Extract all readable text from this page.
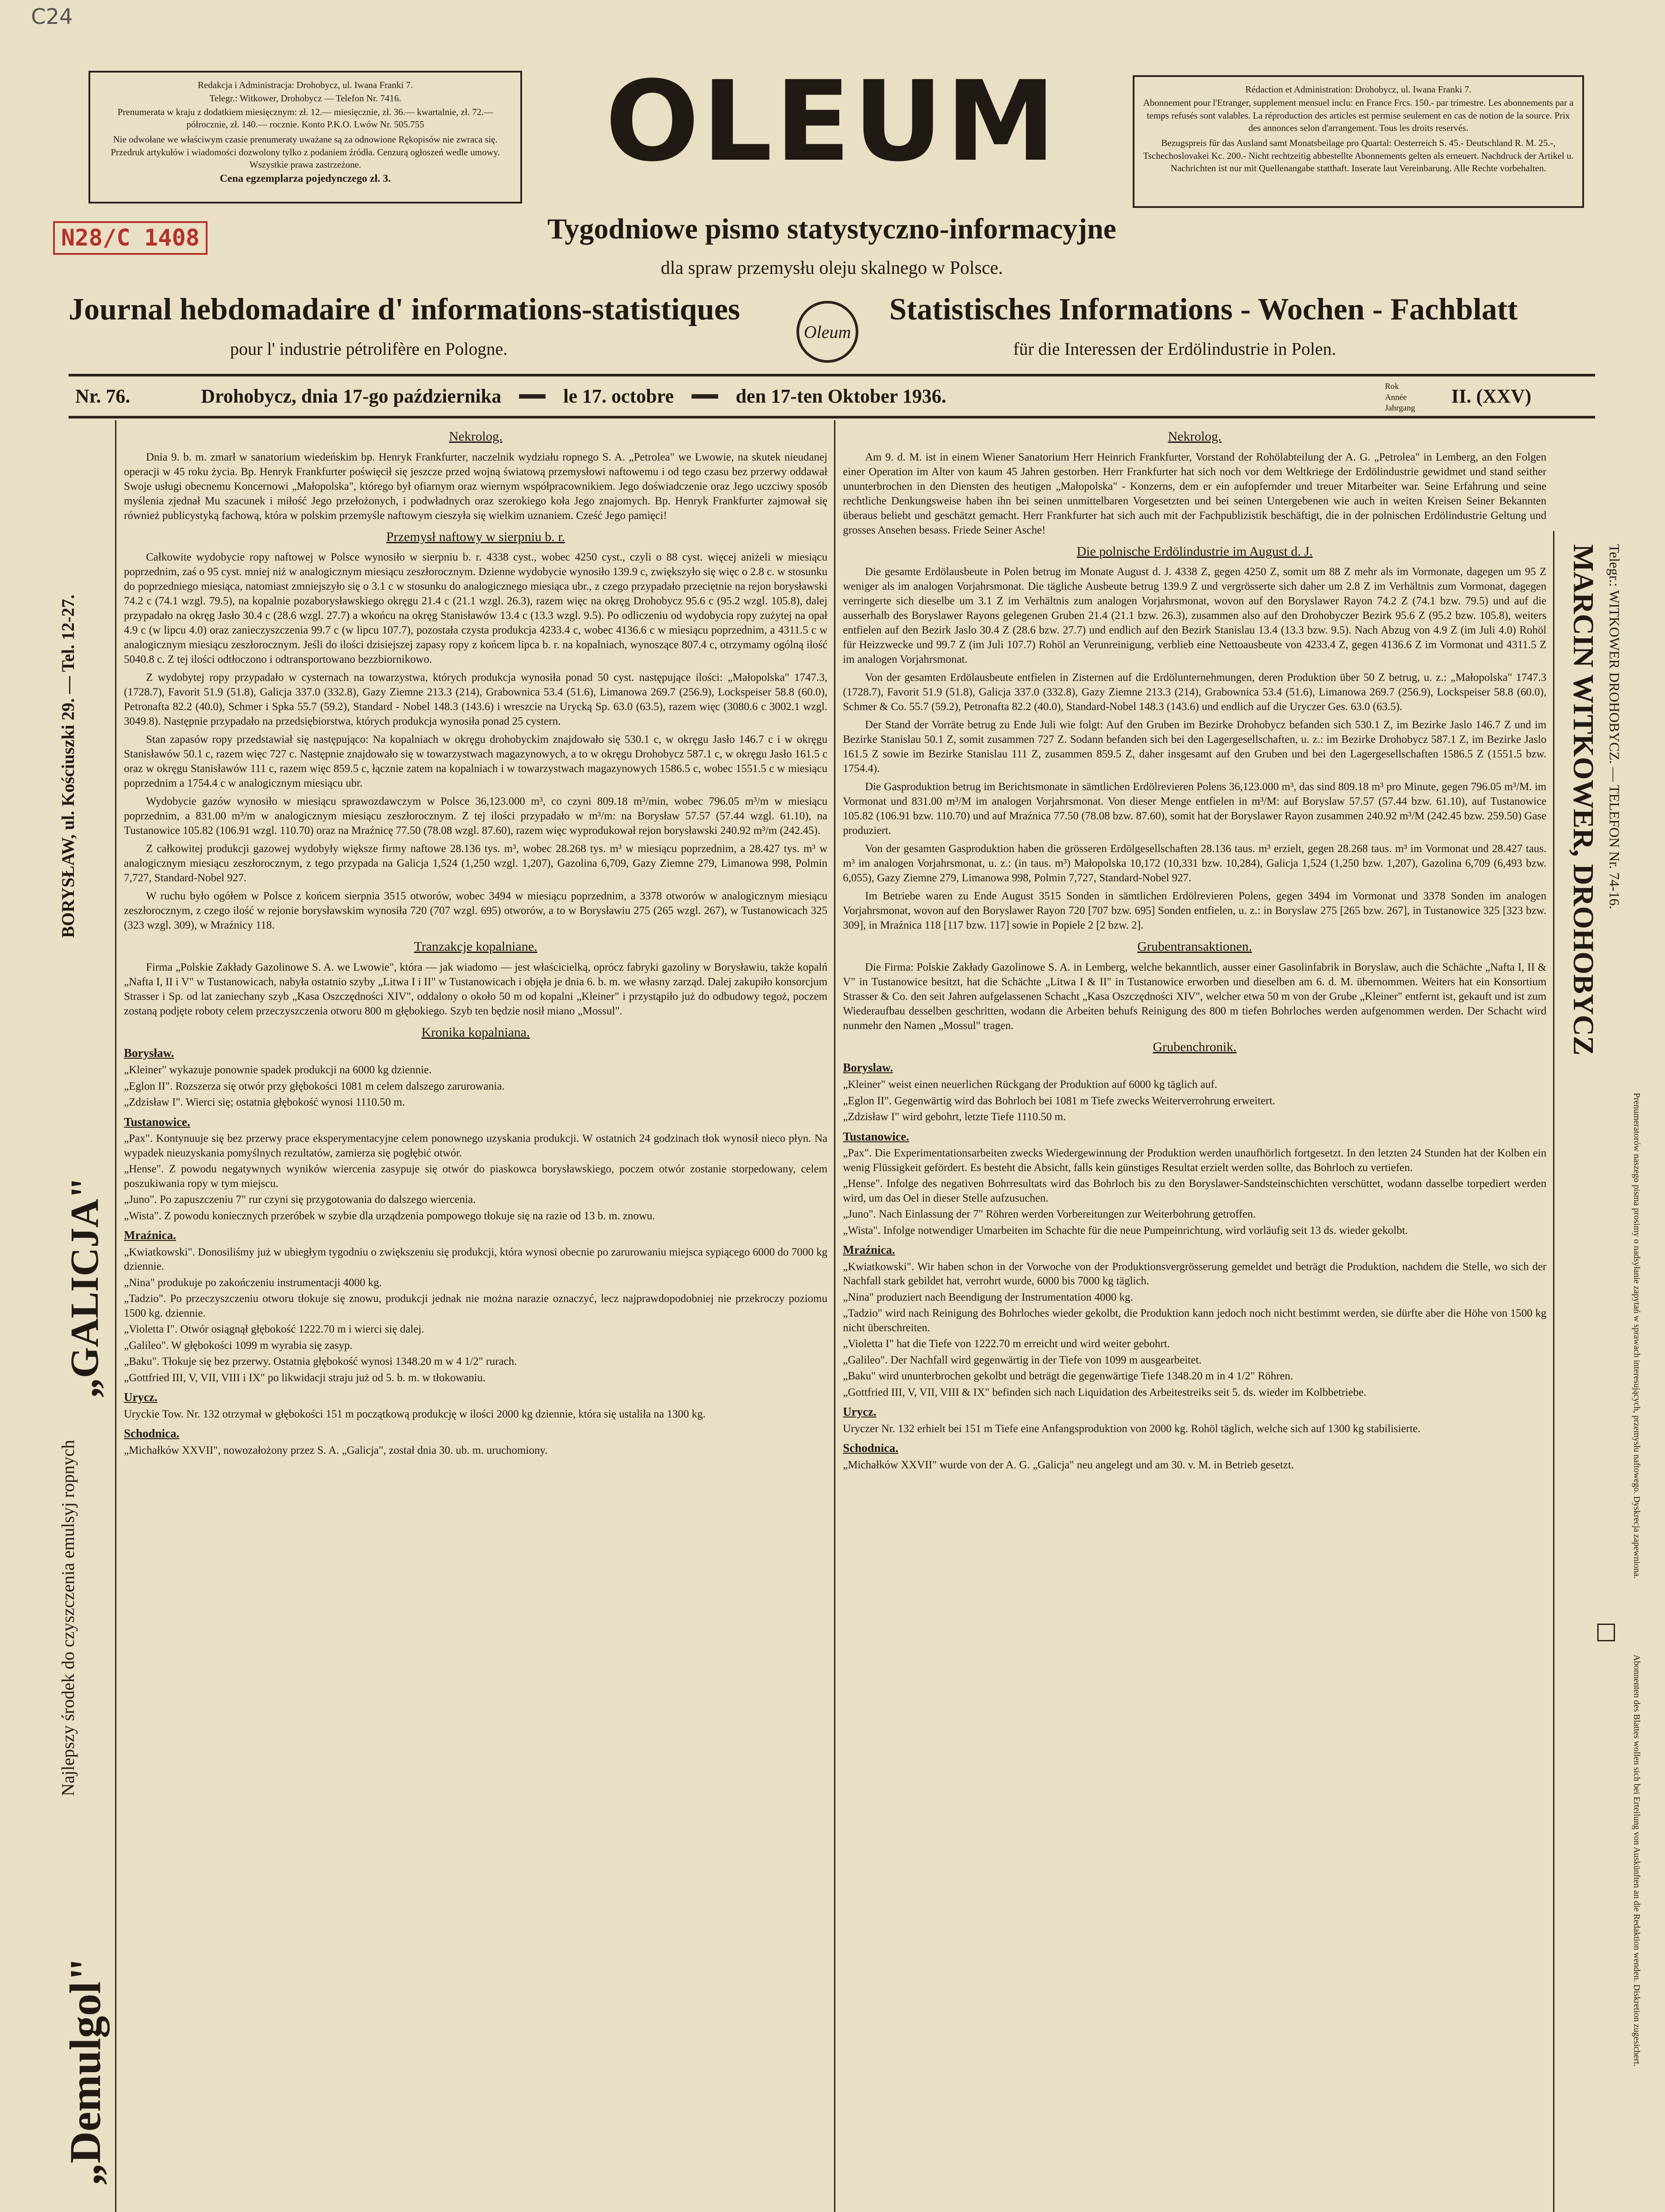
C24
N28/C 1408

Redakcja i Administracja: Drohobycz, ul. Iwana Franki 7.

Telegr.: Witkower, Drohobycz — Telefon Nr. 7416.

Prenumerata w kraju z dodatkiem miesięcznym: zł. 12.— miesięcznie, zł. 36.— kwartalnie, zł. 72.— półrocznie, zł. 140.— rocznie. Konto P.K.O. Lwów Nr. 505.755

Nie odwołane we właściwym czasie prenumeraty uważane są za odnowione Rękopisów nie zwraca się. Przedruk artykułów i wiadomości dozwolony tylko z podaniem źródła. Cenzurą ogłoszeń wedle umowy. Wszystkie prawa zastrzeżone.

Cena egzemplarza pojedynczego zł. 3.	OLEUM	Rédaction et Administration: Drohobycz, ul. Iwana Franki 7.

Abonnement pour l'Etranger, supplement mensuel inclu: en France Frcs. 150.- par trimestre. Les abonnements par a temps refusés sont valables. La réproduction des articles est permise seulement en cas de notion de la source. Prix des annonces selon d'arrangement. Tous les droits reservés.

Bezugspreis für das Ausland samt Monatsbeilage pro Quartal: Oesterreich S. 45.- Deutschland R. M. 25.-, Tschechoslovakei Kc. 200.- Nicht rechtzeitig abbestellte Abonnements gelten als erneuert. Nachdruck der Artikel u. Nachrichten ist nur mit Quellenangabe statthaft. Inserate laut Vereinbarung. Alle Rechte vorbehalten.

Tygodniowe pismo statystyczno-informacyjne
dla spraw przemysłu oleju skalnego w Polsce.
Journal hebdomadaire d' informations-statistiques
pour l' industrie pétrolifère en Pologne.
Oleum
Statistisches Informations - Wochen - Fachblatt
für die Interessen der Erdölindustrie in Polen.
Nr. 76.	Drohobycz, dnia 17-go października	le 17. octobre	den 17-ten Oktober 1936.	Rok
Année
Jahrgang
II. (XXV)
BORYSŁAW, ul. Kościuszki 29. — Tel. 12-27.
„GALICJA"
Najlepszy środek do czyszczenia emulsyj ropnych
„Demulgol"
Nekrolog.

Dnia 9. b. m. zmarł w sanatorium wiedeńskim bp. Henryk Frankfurter, naczelnik wydziału ropnego S. A. „Petrolea" we Lwowie, na skutek nieudanej operacji w 45 roku życia. Bp. Henryk Frankfurter poświęcił się jeszcze przed wojną światową przemysłowi naftowemu i od tego czasu bez przerwy oddawał Swoje usługi obecnemu Koncernowi „Małopolska", którego był ofiarnym oraz wiernym współpracownikiem. Jego doświadczenie oraz Jego uczciwy sposób myślenia zjednał Mu szacunek i miłość Jego przełożonych, i podwładnych oraz szerokiego koła Jego znajomych. Bp. Henryk Frankfurter zajmował się również publicystyką fachową, która w polskim przemyśle naftowym cieszyła się wielkim uznaniem. Cześć Jego pamięci!

Przemysł naftowy w sierpniu b. r.

Całkowite wydobycie ropy naftowej w Polsce wynosiło w sierpniu b. r. 4338 cyst., wobec 4250 cyst., czyli o 88 cyst. więcej aniżeli w miesiącu poprzednim, zaś o 95 cyst. mniej niż w analogicznym miesiącu zeszłorocznym. Dzienne wydobycie wynosiło 139.9 c, zwiększyło się więc o 2.8 c. w stosunku do poprzedniego miesiąca, natomiast zmniejszyło się o 3.1 c w stosunku do analogicznego miesiąca ubr., z czego przypadało przeciętnie na rejon borysławski 74.2 c (74.1 wzgl. 79.5), na kopalnie pozaborysławskiego okręgu 21.4 c (21.1 wzgl. 26.3), razem więc na okręg Drohobycz 95.6 c (95.2 wzgl. 105.8), dalej przypadało na okręg Jasło 30.4 c (28.6 wzgl. 27.7) a wkońcu na okręg Stanisławów 13.4 c (13.3 wzgl. 9.5). Po odliczeniu od wydobycia ropy zużytej na opał 4.9 c (w lipcu 4.0) oraz zanieczyszczenia 99.7 c (w lipcu 107.7), pozostała czysta produkcja 4233.4 c, wobec 4136.6 c w miesiącu poprzednim, a 4311.5 c w analogicznym miesiącu zeszłorocznym. Jeśli do ilości dzisiejszej zapasy ropy z końcem lipca b. r. na kopalniach, wynoszące 807.4 c, otrzymamy ogólną ilość 5040.8 c. Z tej ilości odtłoczono i odtransportowano bezzbiornikowo.

Z wydobytej ropy przypadało w cysternach na towarzystwa, których produkcja wynosiła ponad 50 cyst. następujące ilości: „Małopolska" 1747.3, (1728.7), Favorit 51.9 (51.8), Galicja 337.0 (332.8), Gazy Ziemne 213.3 (214), Grabownica 53.4 (51.6), Limanowa 269.7 (256.9), Lockspeiser 58.8 (60.0), Petronafta 82.2 (40.0), Schmer i Spka 55.7 (59.2), Standard - Nobel 148.3 (143.6) i wreszcie na Urycką Sp. 63.0 (63.5), razem więc (3080.6 c 3002.1 wzgl. 3049.8). Następnie przypadało na przedsiębiorstwa, których produkcja wynosiła ponad 25 cystern.

Stan zapasów ropy przedstawiał się następująco: Na kopalniach w okręgu drohobyckim znajdowało się 530.1 c, w okręgu Jasło 146.7 c i w okręgu Stanisławów 50.1 c, razem więc 727 c. Następnie znajdowało się w towarzystwach magazynowych, a to w okręgu Drohobycz 587.1 c, w okręgu Jasło 161.5 c oraz w okręgu Stanisławów 111 c, razem więc 859.5 c, łącznie zatem na kopalniach i w towarzystwach magazynowych 1586.5 c, wobec 1551.5 c w miesiącu poprzednim a 1754.4 c w analogicznym miesiącu ubr.

Wydobycie gazów wynosiło w miesiącu sprawozdawczym w Polsce 36,123.000 m³, co czyni 809.18 m³/min, wobec 796.05 m³/m w miesiącu poprzednim, a 831.00 m³/m w analogicznym miesiącu zeszłorocznym. Z tej ilości przypadało w m³/m: na Borysław 57.57 (57.44 wzgl. 61.10), na Tustanowice 105.82 (106.91 wzgl. 110.70) oraz na Mraźnicę 77.50 (78.08 wzgl. 87.60), razem więc wyprodukował rejon borysławski 240.92 m³/m (242.45).

Z całkowitej produkcji gazowej wydobyły większe firmy naftowe 28.136 tys. m³, wobec 28.268 tys. m³ w miesiącu poprzednim, a 28.427 tys. m³ w analogicznym miesiącu zeszłorocznym, z tego przypada na Galicja 1,524 (1,250 wzgl. 1,207), Gazolina 6,709, Gazy Ziemne 279, Limanowa 998, Polmin 7,727, Standard-Nobel 927.

W ruchu było ogółem w Polsce z końcem sierpnia 3515 otworów, wobec 3494 w miesiącu poprzednim, a 3378 otworów w analogicznym miesiącu zeszłorocznym, z czego ilość w rejonie borysławskim wynosiła 720 (707 wzgl. 695) otworów, a to w Borysławiu 275 (265 wzgl. 267), w Tustanowicach 325 (323 wzgl. 309), w Mraźnicy 118.

Tranzakcje kopalniane.

Firma „Polskie Zakłady Gazolinowe S. A. we Lwowie", która — jak wiadomo — jest właścicielką, oprócz fabryki gazoliny w Borysławiu, także kopalń „Nafta I, II i V" w Tustanowicach, nabyła ostatnio szyby „Litwa I i II" w Tustanowicach i objęła je dnia 6. b. m. we własny zarząd. Dalej zakupiło konsorcjum Strasser i Sp. od lat zaniechany szyb „Kasa Oszczędności XIV", oddalony o około 50 m od kopalni „Kleiner" i przystąpiło już do odbudowy tegoż, poczem zostaną podjęte roboty celem przeczyszczenia otworu 800 m głębokiego. Szyb ten będzie nosił miano „Mossul".

Kronika kopalniana.
Borysław.
„Kleiner" wykazuje ponownie spadek produkcji na 6000 kg dziennie.
„Eglon II". Rozszerza się otwór przy głębokości 1081 m celem dalszego zarurowania.
„Zdzisław I". Wierci się; ostatnia głębokość wynosi 1110.50 m.
Tustanowice.
„Pax". Kontynuuje się bez przerwy prace eksperymentacyjne celem ponownego uzyskania produkcji. W ostatnich 24 godzinach tłok wynosił nieco płyn. Na wypadek nieuzyskania pomyślnych rezultatów, zamierza się pogłębić otwór.
„Hense". Z powodu negatywnych wyników wiercenia zasypuje się otwór do piaskowca borysławskiego, poczem otwór zostanie storpedowany, celem poszukiwania ropy w tym miejscu.
„Juno". Po zapuszczeniu 7" rur czyni się przygotowania do dalszego wiercenia.
„Wista". Z powodu koniecznych przeróbek w szybie dla urządzenia pompowego tłokuje się na razie od 13 b. m. znowu.
Mraźnica.
„Kwiatkowski". Donosiliśmy już w ubiegłym tygodniu o zwiększeniu się produkcji, która wynosi obecnie po zarurowaniu miejsca sypiącego 6000 do 7000 kg dziennie.
„Nina" produkuje po zakończeniu instrumentacji 4000 kg.
„Tadzio". Po przeczyszczeniu otworu tłokuje się znowu, produkcji jednak nie można narazie oznaczyć, lecz najprawdopodobniej nie przekroczy poziomu 1500 kg. dziennie.
„Violetta I". Otwór osiągnął głębokość 1222.70 m i wierci się dalej.
„Galileo". W głębokości 1099 m wyrabia się zasyp.
„Baku". Tłokuje się bez przerwy. Ostatnia głębokość wynosi 1348.20 m w 4 1/2" rurach.
„Gottfried III, V, VII, VIII i IX" po likwidacji straju już od 5. b. m. w tłokowaniu.
Urycz.
Uryckie Tow. Nr. 132 otrzymał w głębokości 151 m początkową produkcję w ilości 2000 kg dziennie, która się ustaliła na 1300 kg.
Schodnica.
„Michałków XXVII", nowozałożony przez S. A. „Galicja", został dnia 30. ub. m. uruchomiony.
Nekrolog.

Am 9. d. M. ist in einem Wiener Sanatorium Herr Heinrich Frankfurter, Vorstand der Rohölabteilung der A. G. „Petrolea" in Lemberg, an den Folgen einer Operation im Alter von kaum 45 Jahren gestorben. Herr Frankfurter hat sich noch vor dem Weltkriege der Erdölindustrie gewidmet und stand seither ununterbrochen in den Diensten des heutigen „Małopolska" - Konzerns, dem er ein aufopfernder und treuer Mitarbeiter war. Seine Erfahrung und seine rechtliche Denkungsweise haben ihn bei seinen unmittelbaren Vorgesetzten und bei seinen Untergebenen wie auch in weiten Kreisen Seiner Bekannten überaus beliebt und geschätzt gemacht. Herr Frankfurter hat sich auch mit der Fachpublizistik beschäftigt, die in der polnischen Erdölindustrie Geltung und grosses Ansehen besass. Friede Seiner Asche!

Die polnische Erdölindustrie im August d. J.

Die gesamte Erdölausbeute in Polen betrug im Monate August d. J. 4338 Z, gegen 4250 Z, somit um 88 Z mehr als im Vormonate, dagegen um 95 Z weniger als im analogen Vorjahrsmonat. Die tägliche Ausbeute betrug 139.9 Z und vergrösserte sich daher um 2.8 Z im Verhältnis zum Vormonat, dagegen verringerte sich dieselbe um 3.1 Z im Verhältnis zum analogen Vorjahrsmonat, wovon auf den Boryslawer Rayon 74.2 Z (74.1 bzw. 79.5) und auf die ausserhalb des Boryslawer Rayons gelegenen Gruben 21.4 (21.1 bzw. 26.3), zusammen also auf den Drohobyczer Bezirk 95.6 Z (95.2 bzw. 105.8), weiters entfielen auf den Bezirk Jaslo 30.4 Z (28.6 bzw. 27.7) und endlich auf den Bezirk Stanislau 13.4 (13.3 bzw. 9.5). Nach Abzug von 4.9 Z (im Juli 4.0) Rohöl für Heizzwecke und 99.7 Z (im Juli 107.7) Rohöl an Verunreinigung, verblieb eine Nettoausbeute von 4233.4 Z, gegen 4136.6 Z im Vormonat und 4311.5 Z im analogen Vorjahrsmonat.

Von der gesamten Erdölausbeute entfielen in Zisternen auf die Erdölunternehmungen, deren Produktion über 50 Z betrug, u. z.: „Małopolska" 1747.3 (1728.7), Favorit 51.9 (51.8), Galicja 337.0 (332.8), Gazy Ziemne 213.3 (214), Grabownica 53.4 (51.6), Limanowa 269.7 (256.9), Lockspeiser 58.8 (60.0), Schmer & Co. 55.7 (59.2), Petronafta 82.2 (40.0), Standard-Nobel 148.3 (143.6) und endlich auf die Uryczer Ges. 63.0 (63.5).

Der Stand der Vorräte betrug zu Ende Juli wie folgt: Auf den Gruben im Bezirke Drohobycz befanden sich 530.1 Z, im Bezirke Jaslo 146.7 Z und im Bezirke Stanislau 50.1 Z, somit zusammen 727 Z. Sodann befanden sich bei den Lagergesellschaften, u. z.: im Bezirke Drohobycz 587.1 Z, im Bezirke Jaslo 161.5 Z sowie im Bezirke Stanislau 111 Z, zusammen 859.5 Z, daher insgesamt auf den Gruben und bei den Lagergesellschaften 1586.5 Z (1551.5 bzw. 1754.4).

Die Gasproduktion betrug im Berichtsmonate in sämtlichen Erdölrevieren Polens 36,123.000 m³, das sind 809.18 m³ pro Minute, gegen 796.05 m³/M. im Vormonat und 831.00 m³/M im analogen Vorjahrsmonat. Von dieser Menge entfielen in m³/M: auf Boryslaw 57.57 (57.44 bzw. 61.10), auf Tustanowice 105.82 (106.91 bzw. 110.70) und auf Mraźnica 77.50 (78.08 bzw. 87.60), somit hat der Boryslawer Rayon zusammen 240.92 m³/M (242.45 bzw. 259.50) Gase produziert.

Von der gesamten Gasproduktion haben die grösseren Erdölgesellschaften 28.136 taus. m³ erzielt, gegen 28.268 taus. m³ im Vormonat und 28.427 taus. m³ im analogen Vorjahrsmonat, u. z.: (in taus. m³) Małopolska 10,172 (10,331 bzw. 10,284), Galicja 1,524 (1,250 bzw. 1,207), Gazolina 6,709 (6,493 bzw. 6,055), Gazy Ziemne 279, Limanowa 998, Polmin 7,727, Standard-Nobel 927.

Im Betriebe waren zu Ende August 3515 Sonden in sämtlichen Erdölrevieren Polens, gegen 3494 im Vormonat und 3378 Sonden im analogen Vorjahrsmonat, wovon auf den Boryslawer Rayon 720 [707 bzw. 695] Sonden entfielen, u. z.: in Boryslaw 275 [265 bzw. 267], in Tustanowice 325 [323 bzw. 309], in Mraźnica 118 [117 bzw. 117] sowie in Popiele 2 [2 bzw. 2].

Grubentransaktionen.

Die Firma: Polskie Zakłady Gazolinowe S. A. in Lemberg, welche bekanntlich, ausser einer Gasolinfabrik in Boryslaw, auch die Schächte „Nafta I, II & V" in Tustanowice besitzt, hat die Schächte „Litwa I & II" in Tustanowice erworben und dieselben am 6. d. M. übernommen. Weiters hat ein Konsortium Strasser & Co. den seit Jahren aufgelassenen Schacht „Kasa Oszczędności XIV", welcher etwa 50 m von der Grube „Kleiner" entfernt ist, gekauft und ist zum Wiederaufbau desselben geschritten, wodann die Arbeiten behufs Reinigung des 800 m tiefen Bohrloches werden aufgenommen werden. Der Schacht wird nunmehr den Namen „Mossul" tragen.

Grubenchronik.
Boryslaw.
„Kleiner" weist einen neuerlichen Rückgang der Produktion auf 6000 kg täglich auf.
„Eglon II". Gegenwärtig wird das Bohrloch bei 1081 m Tiefe zwecks Weiterverrohrung erweitert.
„Zdzisław I" wird gebohrt, letzte Tiefe 1110.50 m.
Tustanowice.
„Pax". Die Experimentationsarbeiten zwecks Wiedergewinnung der Produktion werden unaufhörlich fortgesetzt. In den letzten 24 Stunden hat der Kolben ein wenig Flüssigkeit gefördert. Es besteht die Absicht, falls kein günstiges Resultat erzielt werden sollte, das Bohrloch zu vertiefen.
„Hense". Infolge des negativen Bohrresultats wird das Bohrloch bis zu den Boryslawer-Sandsteinschichten verschüttet, wodann dasselbe torpediert werden wird, um das Oel in dieser Stelle aufzusuchen.
„Juno". Nach Einlassung der 7" Röhren werden Vorbereitungen zur Weiterbohrung getroffen.
„Wista". Infolge notwendiger Umarbeiten im Schachte für die neue Pumpeinrichtung, wird vorläufig seit 13 ds. wieder gekolbt.
Mraźnica.
„Kwiatkowski". Wir haben schon in der Vorwoche von der Produktionsvergrösserung gemeldet und beträgt die Produktion, nachdem die Stelle, wo sich der Nachfall stark gebildet hat, verrohrt wurde, 6000 bis 7000 kg täglich.
„Nina" produziert nach Beendigung der Instrumentation 4000 kg.
„Tadzio" wird nach Reinigung des Bohrloches wieder gekolbt, die Produktion kann jedoch noch nicht bestimmt werden, sie dürfte aber die Höhe von 1500 kg nicht überschreiten.
„Violetta I" hat die Tiefe von 1222.70 m erreicht und wird weiter gebohrt.
„Galileo". Der Nachfall wird gegenwärtig in der Tiefe von 1099 m ausgearbeitet.
„Baku" wird ununterbrochen gekolbt und beträgt die gegenwärtige Tiefe 1348.20 m in 4 1/2" Röhren.
„Gottfried III, V, VII, VIII & IX" befinden sich nach Liquidation des Arbeitestreiks seit 5. ds. wieder im Kolbbetriebe.
Urycz.
Uryczer Nr. 132 erhielt bei 151 m Tiefe eine Anfangsproduktion von 2000 kg. Rohöl täglich, welche sich auf 1300 kg stabilisierte.
Schodnica.
„Michałków XXVII" wurde von der A. G. „Galicja" neu angelegt und am 30. v. M. in Betrieb gesetzt.
MARCIN WITKOWER, DROHOBYCZ Telegr.: WITKOWER DROHOBYCZ. — TELEFON Nr. 74-16.
Prenumeratorów naszego pisma prosimy o nadsyłanie zapytań w sprawach interesujących, przemysłu naftowego. Dyskrecja zapewniona.
Abonnenten des Blattes wollen sich bei Erteilung von Auskünften an die Redaktion wenden. Diskretion zugesichert.
